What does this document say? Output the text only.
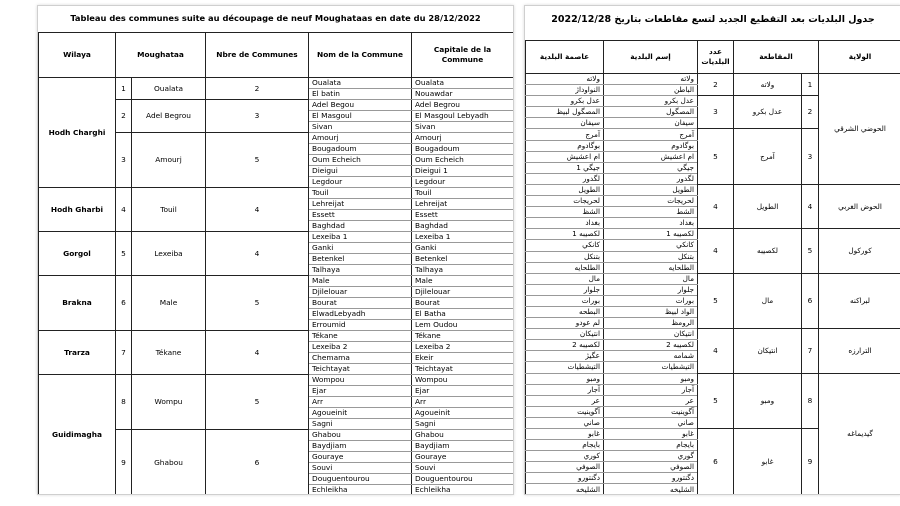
Tableau des communes suite au découpage de neuf Moughataas en date du 28/12/2022
Wilaya	Moughataa		Nbre de Communes	Nom de la Commune	Capitale de la Commune
Hodh Charghi	1	Oualata	2	Oualata	Oualata
				El batin	Nouawdar
	2	Adel Begrou	3	Adel Begou	Adel Begrou
				El Masgoul	El Masgoul Lebyadh
				Sivan	Sivan
	3	Amourj	5	Amourj	Amourj
				Bougadoum	Bougadoum
				Oum Echeich	Oum Echeich
				Dieigui	Dieigui 1
				Legdour	Legdour
Hodh Gharbi	4	Touil	4	Touil	Touil
				Lehreijat	Lehreijat
				Essett	Essett
				Baghdad	Baghdad
Gorgol	5	Lexeiba	4	Lexeiba 1	Lexeiba 1
				Ganki	Ganki
				Betenkel	Betenkel
				Talhaya	Talhaya
Brakna	6	Male	5	Male	Male
				Djilelouar	Djilelouar
				Bourat	Bourat
				ElwadLebyadh	El Batha
				Erroumid	Lem Oudou
Trarza	7	Tékane	4	Tékane	Tékane
				Lexeiba 2	Lexeiba 2
				Chemama	Ekeir
				Teichtayat	Teichtayat
Guidimagha	8	Wompu	5	Wompou	Wompou
				Ejar	Ejar
				Arr	Arr
				Agoueinit	Agoueinit
				Sagni	Sagni
	9	Ghabou	6	Ghabou	Ghabou
				Baydjiam	Baydjiam
				Gouraye	Gouraye
				Souvi	Souvi
				Douguentourou	Douguentourou
				Echleikha	Echleikha
جدول البلديات بعد التقطيع الجديد لتسع مقاطعات بتاريخ 2022/12/28
عاصمة البلدية	إسم البلدية	عدد البلديات	المقاطعة		الولاية
ولاته	ولاته	2	ولاته	1	الحوضي الشرقي
النواوداژ	الباطن				
عدل بكرو	عدل بكرو	3	عدل بكرو	2	
المصگول لبيظ	المصگول				
سيفان	سيفان				
آمرج	آمرج	5	آمرج	3	
بوگادوم	بوگادوم				
ام اعشيش	ام اعشيش				
جيگي 1	جيگي				
لگدور	لگدور				
الطويل	الطويل	4	الطويل	4	الحوض الغربي
لحريجات	لحريجات				
الشظ	الشط				
بغداد	بغداد				
لكصيبه 1	لكصيبه 1	4	لكصيبه	5	كوركول
كانكي	كانكي				
بتنكل	بتنكل				
الطلحايه	الطلحايه				
مال	مال	5	مال	6	لبراكنه
جلوار	جلوار				
بورات	بورات				
البطحه	الواد لبيظ				
لم عودو	الرومظ				
انتيكان	انتيكان	4	انتيكان	7	الترارزه
لكصيبه 2	لكصيبه 2				
عگيژ	شمامه				
التيشطيات	التيشطيات				
ومبو	ومبو	5	ومبو	8	گيديماغه
آجار	آجار				
عر	عر				
آگوينيت	آگوينيت				
صاني	صاني				
غابو	غابو	6	غابو	9	
بايجام	بايجام				
كوري	گوري				
الصوفي	الصوفي				
دگنتورو	دگنتورو				
الشليخه	الشليخه				
